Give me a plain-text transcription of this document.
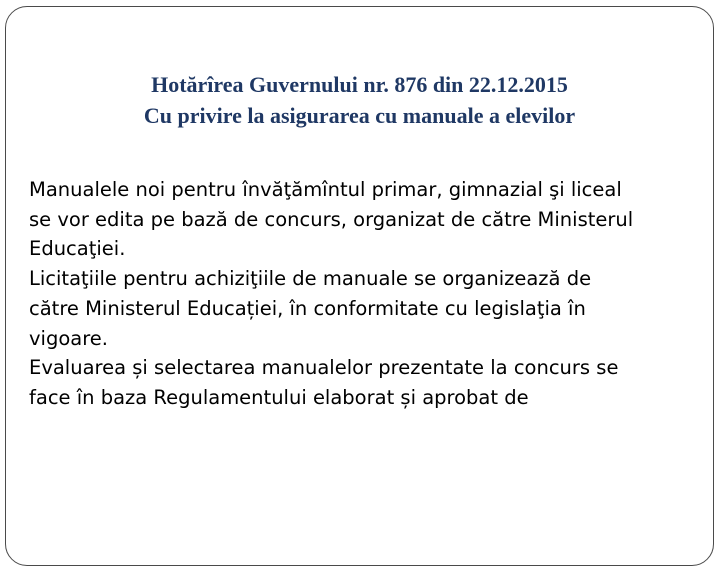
Hotărîrea Guvernului nr. 876 din 22.12.2015
Cu privire la asigurarea cu manuale a elevilor

Manualele noi pentru învăţămîntul primar, gimnazial şi liceal

se vor edita pe bază de concurs, organizat de către Ministerul

Educaţiei.

Licitaţiile pentru achiziţiile de manuale se organizează de

către Ministerul Educației, în conformitate cu legislaţia în

vigoare.

Evaluarea și selectarea manualelor prezentate la concurs se

face în baza Regulamentului elaborat și aprobat de
